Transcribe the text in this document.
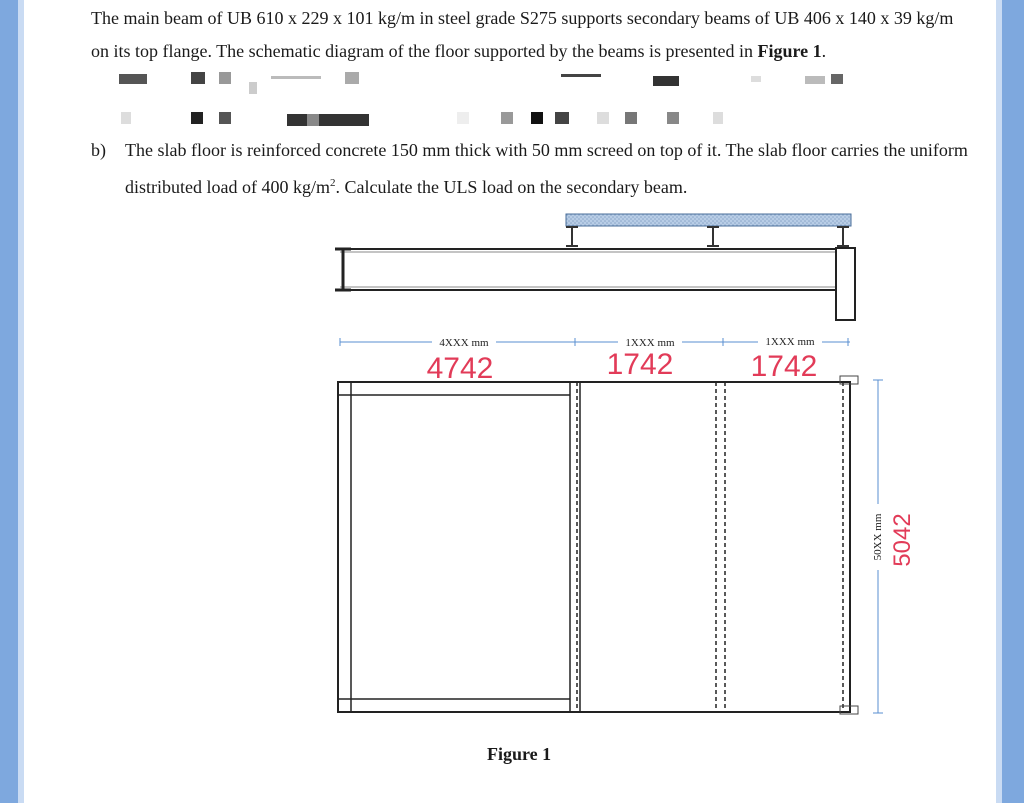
The main beam of UB 610 x 229 x 101 kg/m in steel grade S275 supports secondary beams of UB 406 x 140 x 39 kg/m on its top flange. The schematic diagram of the floor supported by the beams is presented in Figure 1.

b) The slab floor is reinforced concrete 150 mm thick with 50 mm screed on top of it. The slab floor carries the uniform distributed load of 400 $kg/m^2$. Calculate the ULS load on the secondary beam.
4XXX mm	1XXX mm	1XXX mm
4742	1742	1742
50XX mm 5042
Figure 1
